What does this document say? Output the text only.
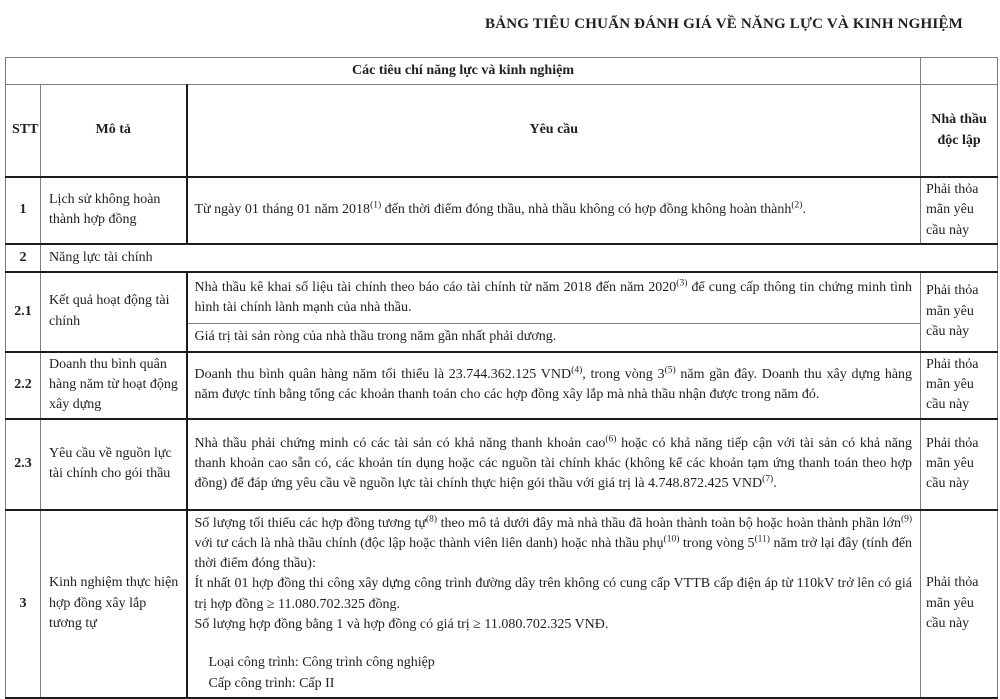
BẢNG TIÊU CHUẨN ĐÁNH GIÁ VỀ NĂNG LỰC VÀ KINH NGHIỆM
Các tiêu chí năng lực và kinh nghiệm			
STT	Mô tả	Yêu cầu	Nhà thầu độc lập
1	Lịch sử không hoàn thành hợp đồng	Từ ngày 01 tháng 01 năm 2018$^{(1)}$ đến thời điểm đóng thầu, nhà thầu không có hợp đồng không hoàn thành$^{(2)}$.	Phải thỏa mãn yêu cầu này
2	Năng lực tài chính		
2.1	Kết quả hoạt động tài chính	Nhà thầu kê khai số liệu tài chính theo báo cáo tài chính từ năm 2018 đến năm 2020$^{(3)}$ để cung cấp thông tin chứng minh tình hình tài chính lành mạnh của nhà thầu.	Phải thỏa mãn yêu cầu này
		Giá trị tài sản ròng của nhà thầu trong năm gần nhất phải dương.	
2.2	Doanh thu bình quân hàng năm từ hoạt động xây dựng	Doanh thu bình quân hàng năm tối thiểu là 23.744.362.125 VND$^{(4)}$, trong vòng 3$^{(5)}$ năm gần đây. Doanh thu xây dựng hàng năm được tính bằng tổng các khoản thanh toán cho các hợp đồng xây lắp mà nhà thầu nhận được trong năm đó.	Phải thỏa mãn yêu cầu này
2.3	Yêu cầu về nguồn lực tài chính cho gói thầu	Nhà thầu phải chứng minh có các tài sản có khả năng thanh khoản cao$^{(6)}$ hoặc có khả năng tiếp cận với tài sản có khả năng thanh khoản cao sẵn có, các khoản tín dụng hoặc các nguồn tài chính khác (không kể các khoản tạm ứng thanh toán theo hợp đồng) để đáp ứng yêu cầu về nguồn lực tài chính thực hiện gói thầu với giá trị là 4.748.872.425 VND$^{(7)}$.	Phải thỏa mãn yêu cầu này
3	Kinh nghiệm thực hiện hợp đồng xây lắp tương tự	Số lượng tối thiểu các hợp đồng tương tự$^{(8)}$ theo mô tả dưới đây mà nhà thầu đã hoàn thành toàn bộ hoặc hoàn thành phần lớn$^{(9)}$ với tư cách là nhà thầu chính (độc lập hoặc thành viên liên danh) hoặc nhà thầu phụ$^{(10)}$ trong vòng 5$^{(11)}$ năm trở lại đây (tính đến thời điểm đóng thầu):
Ít nhất 01 hợp đồng thi công xây dựng công trình đường dây trên không có cung cấp VTTB cấp điện áp từ 110kV trở lên có giá trị hợp đồng ≥ 11.080.702.325 đồng.
Số lượng hợp đồng bằng 1 và hợp đồng có giá trị ≥ 11.080.702.325 VNĐ.
Loại công trình: Công trình công nghiệp
Cấp công trình: Cấp II	Phải thỏa mãn yêu cầu này
